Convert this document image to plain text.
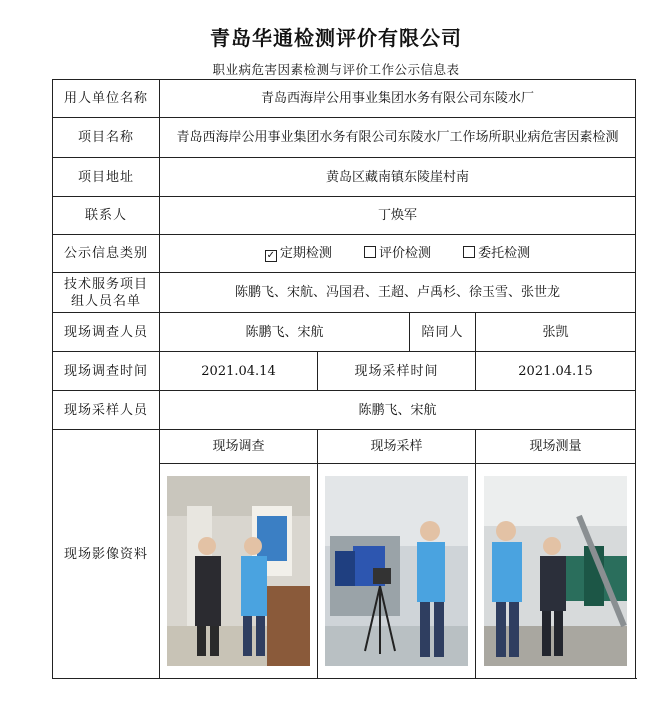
青岛华通检测评价有限公司
职业病危害因素检测与评价工作公示信息表
用人单位名称	青岛西海岸公用事业集团水务有限公司东陵水厂			
项目名称	青岛西海岸公用事业集团水务有限公司东陵水厂工作场所职业病危害因素检测			
项目地址	黄岛区藏南镇东陵崖村南			
联系人	丁焕军			
公示信息类别	✓ 定期检测 评价检测 委托检测			

技术服务项目
组人员名单	陈鹏飞、宋航、冯国君、王超、卢禹杉、徐玉雪、张世龙			
现场调查人员	陈鹏飞、宋航		陪同人	张凯
现场调查时间	2021.04.14	现场采样时间		2021.04.15
现场采样人员	陈鹏飞、宋航			
现场影像资料	现场调查	现场采样		现场测量
